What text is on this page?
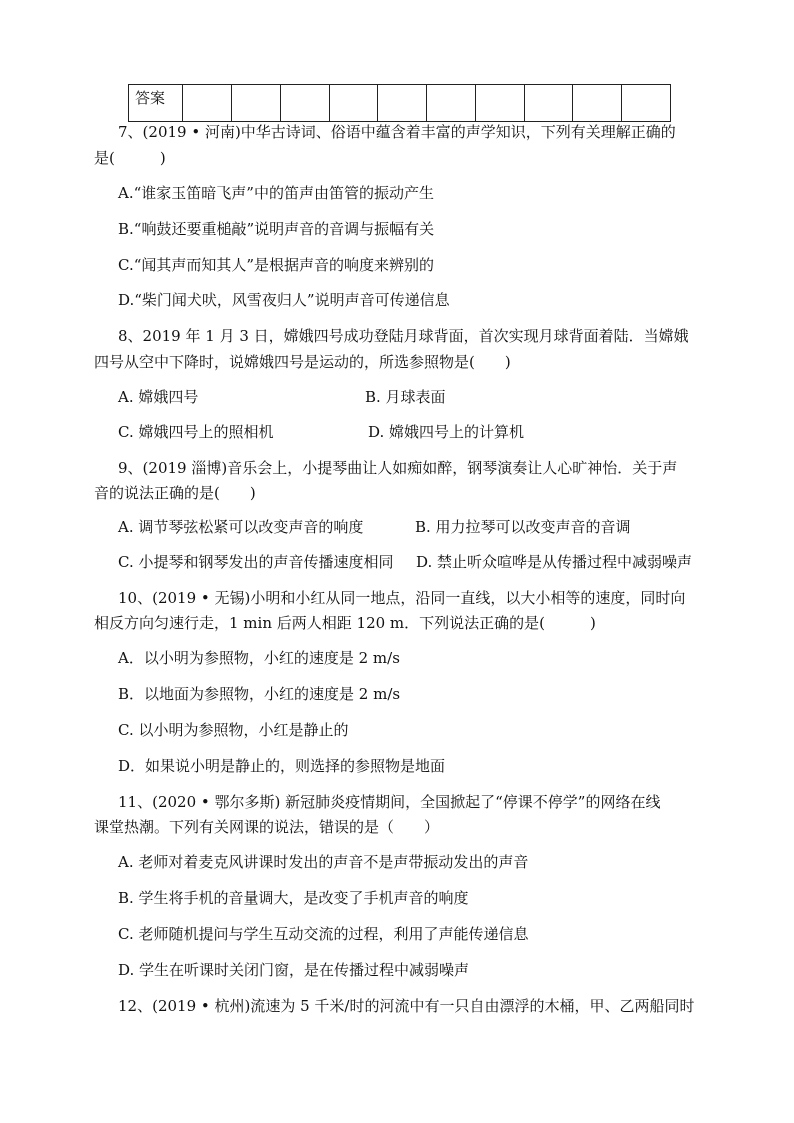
答案										
7、(2019 • 河南)中华古诗词、俗语中蕴含着丰富的声学知识，下列有关理解正确的
是(　　　)
A.“谁家玉笛暗飞声”中的笛声由笛管的振动产生
B.“响鼓还要重槌敲”说明声音的音调与振幅有关
C.“闻其声而知其人”是根据声音的响度来辨别的
D.“柴门闻犬吠，风雪夜归人”说明声音可传递信息
8、2019 年 1 月 3 日，嫦娥四号成功登陆月球背面，首次实现月球背面着陆．当嫦娥
四号从空中下降时，说嫦娥四号是运动的，所选参照物是(　　)
A. 嫦娥四号	B. 月球表面
C. 嫦娥四号上的照相机	D. 嫦娥四号上的计算机
9、(2019 淄博)音乐会上，小提琴曲让人如痴如醉，钢琴演奏让人心旷神怡．关于声
音的说法正确的是(　　)
A. 调节琴弦松紧可以改变声音的响度	B. 用力拉琴可以改变声音的音调
C. 小提琴和钢琴发出的声音传播速度相同 D. 禁止听众喧哗是从传播过程中减弱噪声
10、(2019 • 无锡)小明和小红从同一地点，沿同一直线，以大小相等的速度，同时向
相反方向匀速行走，1 min 后两人相距 120 m．下列说法正确的是(　　　)
A．以小明为参照物，小红的速度是 2 m/s
B．以地面为参照物，小红的速度是 2 m/s
C. 以小明为参照物，小红是静止的
D．如果说小明是静止的，则选择的参照物是地面
11、(2020 • 鄂尔多斯) 新冠肺炎疫情期间，全国掀起了“停课不停学”的网络在线
课堂热潮。下列有关网课的说法，错误的是（　　）
A. 老师对着麦克风讲课时发出的声音不是声带振动发出的声音
B. 学生将手机的音量调大，是改变了手机声音的响度
C. 老师随机提问与学生互动交流的过程，利用了声能传递信息
D. 学生在听课时关闭门窗，是在传播过程中减弱噪声
12、(2019 • 杭州)流速为 5 千米/时的河流中有一只自由漂浮的木桶，甲、乙两船同时
